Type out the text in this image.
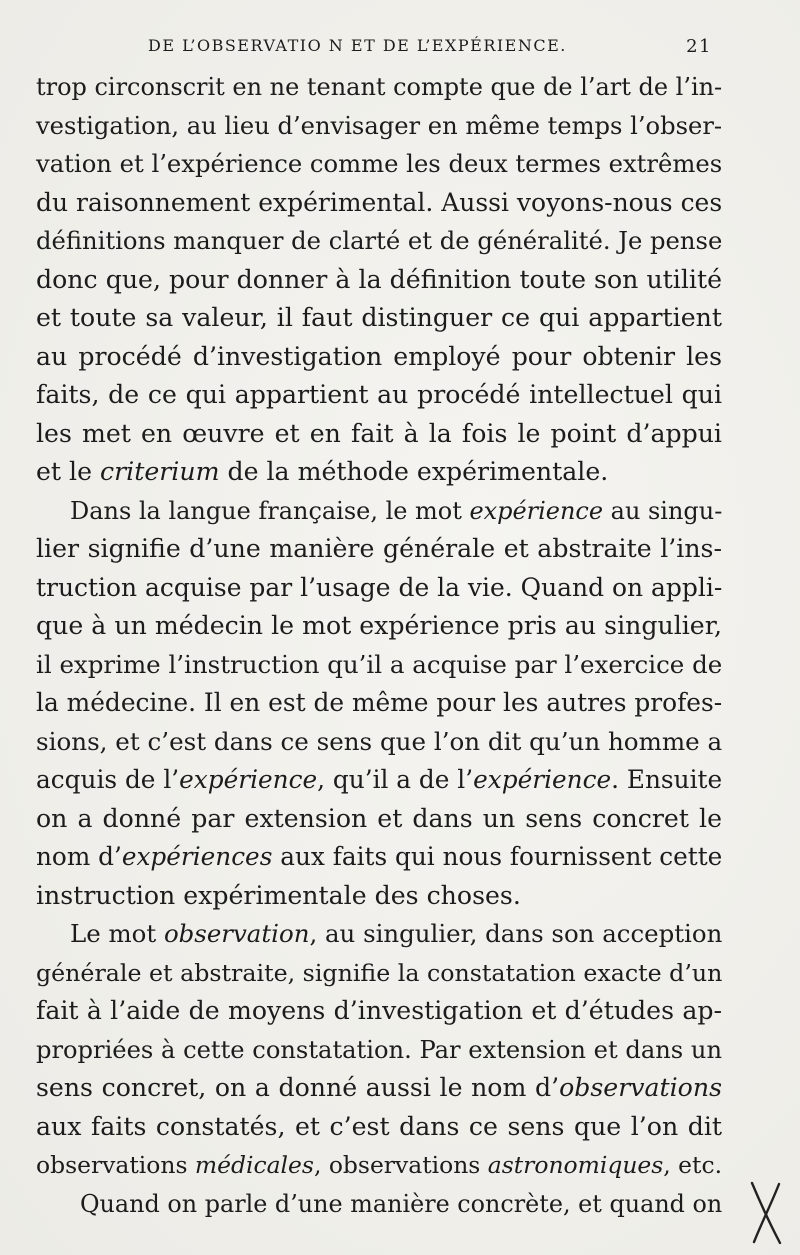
DE L’OBSERVATIO N ET DE L’EXPÉRIENCE.	21
trop circonscrit en ne tenant compte que de l’art de l’in-
vestigation, au lieu d’envisager en même temps l’obser-
vation et l’expérience comme les deux termes extrêmes
du raisonnement expérimental. Aussi voyons-nous ces
définitions manquer de clarté et de généralité. Je pense
donc que, pour donner à la définition toute son utilité
et toute sa valeur, il faut distinguer ce qui appartient
au procédé d’investigation employé pour obtenir les
faits, de ce qui appartient au procédé intellectuel qui
les met en œuvre et en fait à la fois le point d’appui
et le criterium de la méthode expérimentale.
Dans la langue française, le mot expérience au singu-
lier signifie d’une manière générale et abstraite l’ins-
truction acquise par l’usage de la vie. Quand on appli-
que à un médecin le mot expérience pris au singulier,
il exprime l’instruction qu’il a acquise par l’exercice de
la médecine. Il en est de même pour les autres profes-
sions, et c’est dans ce sens que l’on dit qu’un homme a
acquis de l’expérience, qu’il a de l’expérience. Ensuite
on a donné par extension et dans un sens concret le
nom d’expériences aux faits qui nous fournissent cette
instruction expérimentale des choses.
Le mot observation, au singulier, dans son acception
générale et abstraite, signifie la constatation exacte d’un
fait à l’aide de moyens d’investigation et d’études ap-
propriées à cette constatation. Par extension et dans un
sens concret, on a donné aussi le nom d’observations
aux faits constatés, et c’est dans ce sens que l’on dit
observations médicales, observations astronomiques, etc.
Quand on parle d’une manière concrète, et quand on
